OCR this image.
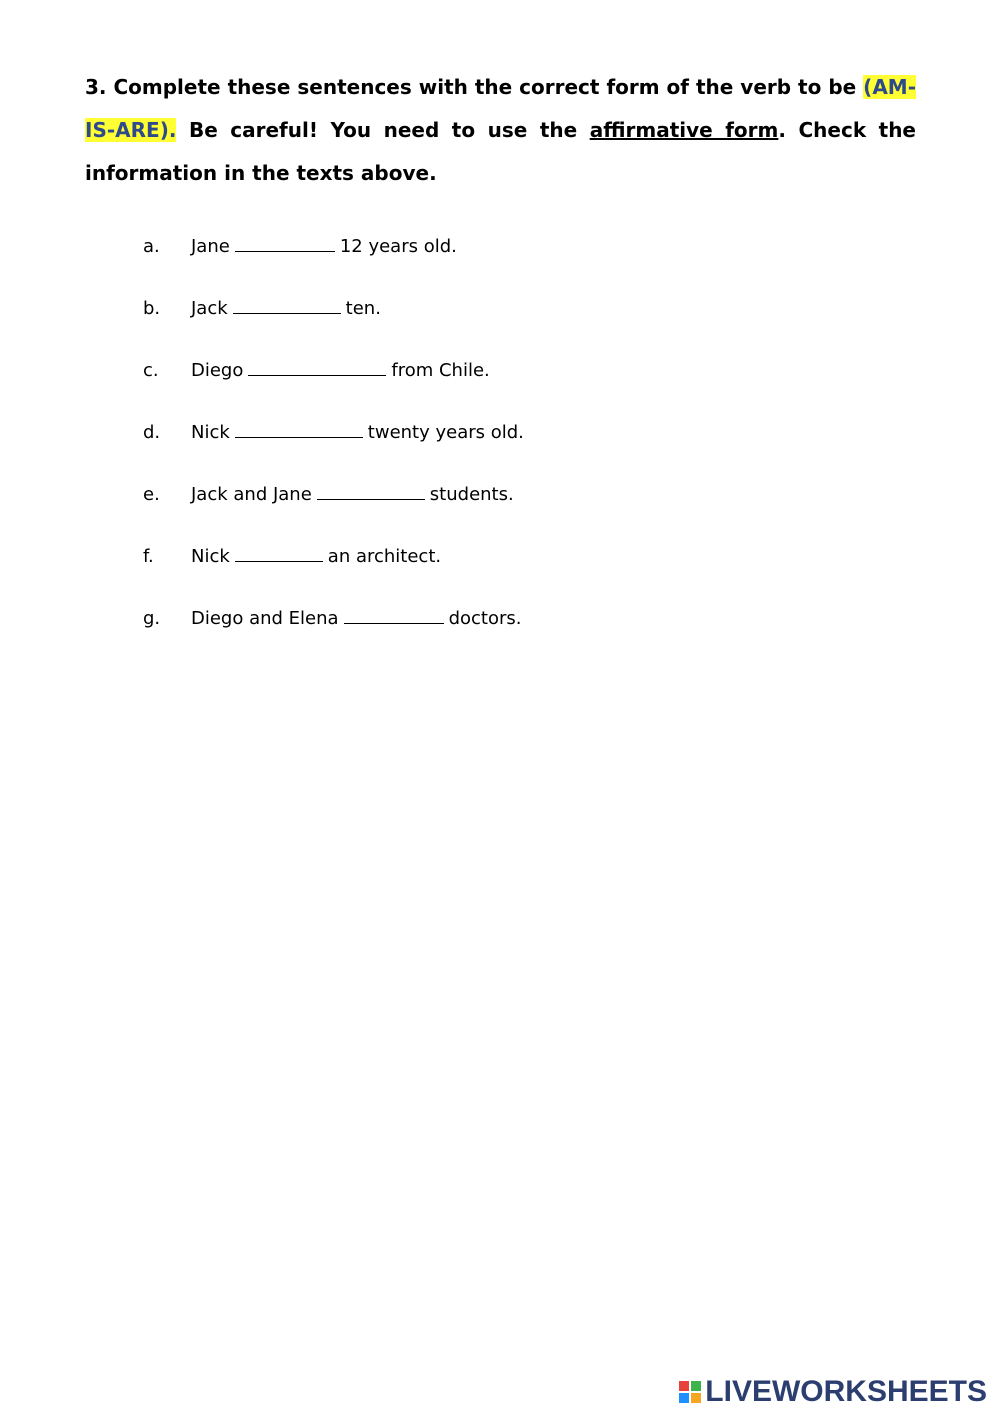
3. Complete these sentences with the correct form of the verb to be (AM-IS-ARE). Be careful! You need to use the affirmative form. Check the information in the texts above.

a. Jane	12 years old.
b. Jack	ten.
c. Diego	from Chile.
d. Nick	twenty years old.
e. Jack and Jane	students.
f. Nick	an architect.
g. Diego and Elena	doctors.
LIVEWORKSHEETS
